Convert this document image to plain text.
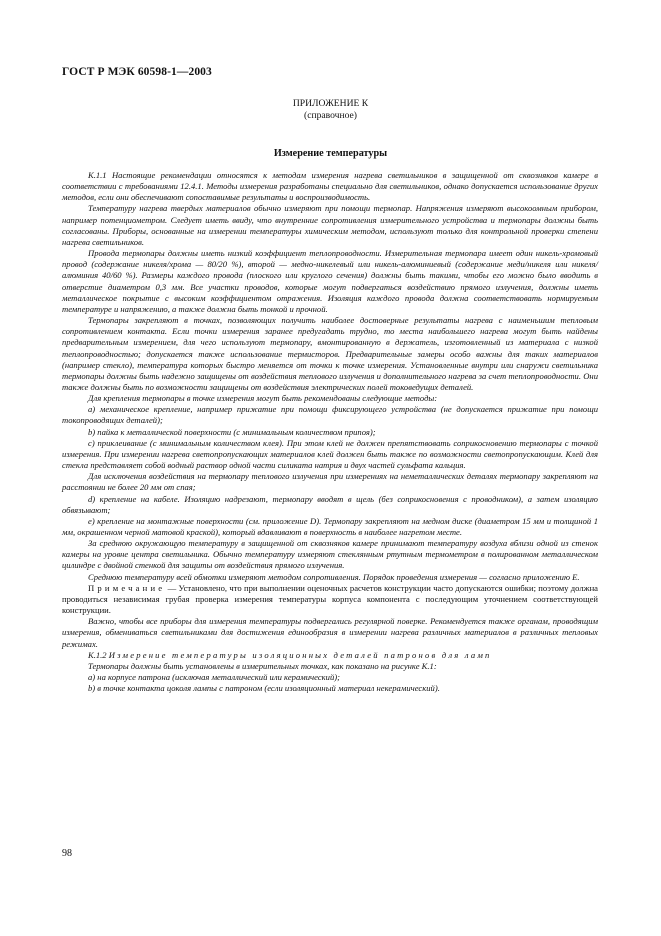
ГОСТ Р МЭК 60598-1—2003
ПРИЛОЖЕНИЕ К
(справочное)
Измерение температуры

К.1.1 Настоящие рекомендации относятся к методам измерения нагрева светильников в защищенной от сквозняков камере в соответствии с требованиями 12.4.1. Методы измерения разработаны специально для светильников, однако допускается использование других методов, если они обеспечивают сопоставимые результаты и воспроизводимость.

Температуру нагрева твердых материалов обычно измеряют при помощи термопар. Напряжения измеряют высокоомным прибором, например потенциометром. Следует иметь ввиду, что внутренние сопротивления измерительного устройства и термопары должны быть согласованы. Приборы, основанные на измерении температуры химическим методом, используют только для контрольной проверки степени нагрева светильников.

Провода термопары должны иметь низкий коэффициент теплопроводности. Измерительная термопара имеет один никель-хромовый провод (содержание никеля/хрома — 80/20 %), второй — медно-никелевый или никель-алюминиевый (содержание меди/никеля или никеля/алюминия 40/60 %). Размеры каждого провода (плоского или круглого сечения) должны быть такими, чтобы его можно было вводить в отверстие диаметром 0,3 мм. Все участки проводов, которые могут подвергаться воздействию прямого излучения, должны иметь металлическое покрытие с высоким коэффициентом отражения. Изоляция каждого провода должна соответствовать нормируемым температуре и напряжению, а также должна быть тонкой и прочной.

Термопары закрепляют в точках, позволяющих получить наиболее достоверные результаты нагрева с наименьшим тепловым сопротивлением контакта. Если точки измерения заранее предугадать трудно, то места наибольшего нагрева могут быть найдены предварительным измерением, для чего используют термопару, вмонтированную в держатель, изготовленный из материала с низкой теплопроводностью; допускается также использование термисторов. Предварительные замеры особо важны для таких материалов (например стекло), температура которых быстро меняется от точки к точке измерения. Установленные внутри или снаружи светильника термопары должны быть надежно защищены от воздействия теплового излучения и дополнительного нагрева за счет теплопроводности. Они также должны быть по возможности защищены от воздействия электрических полей токоведущих деталей.

Для крепления термопары в точке измерения могут быть рекомендованы следующие методы:

а) механическое крепление, например прижатие при помощи фиксирующего устройства (не допускается прижатие при помощи токопроводящих деталей);

b) пайка к металлической поверхности (с минимальным количеством припоя);

с) приклеивание (с минимальным количеством клея). При этом клей не должен препятствовать соприкосновению термопары с точкой измерения. При измерении нагрева светопропускающих материалов клей должен быть также по возможности светопропускающим. Клей для стекла представляет собой водный раствор одной части силиката натрия и двух частей сульфата кальция.

Для исключения воздействия на термопару теплового излучения при измерениях на неметаллических деталях термопару закрепляют на расстоянии не более 20 мм от спая;

d) крепление на кабеле. Изоляцию надрезают, термопару вводят в щель (без соприкосновения с проводником), а затем изоляцию обвязывают;

е) крепление на монтажные поверхности (см. приложение D). Термопару закрепляют на медном диске (диаметром 15 мм и толщиной 1 мм, окрашенном черной матовой краской), который вдавливают в поверхность в наиболее нагретом месте.

За среднюю окружающую температуру в защищенной от сквозняков камере принимают температуру воздуха вблизи одной из стенок камеры на уровне центра светильника. Обычно температуру измеряют стеклянным ртутным термометром в полированном металлическом цилиндре с двойной стенкой для защиты от воздействия прямого излучения.

Среднюю температуру всей обмотки измеряют методом сопротивления. Порядок проведения измерения — согласно приложению Е.

Примечание — Установлено, что при выполнении оценочных расчетов конструкции часто допускаются ошибки; поэтому должна проводиться независимая грубая проверка измерения температуры корпуса компонента с последующим уточнением соответствующей конструкции.

Важно, чтобы все приборы для измерения температуры подвергались регулярной поверке. Рекомендуется также органам, проводящим измерения, обмениваться светильниками для достижения единообразия в измерении нагрева различных материалов в различных тепловых режимах.

К.1.2 Измерение температуры изоляционных деталей патронов для ламп

Термопары должны быть установлены в измерительных точках, как показано на рисунке К.1:

а) на корпусе патрона (исключая металлический или керамический);

b) в точке контакта цоколя лампы с патроном (если изоляционный материал некерамический).

98
